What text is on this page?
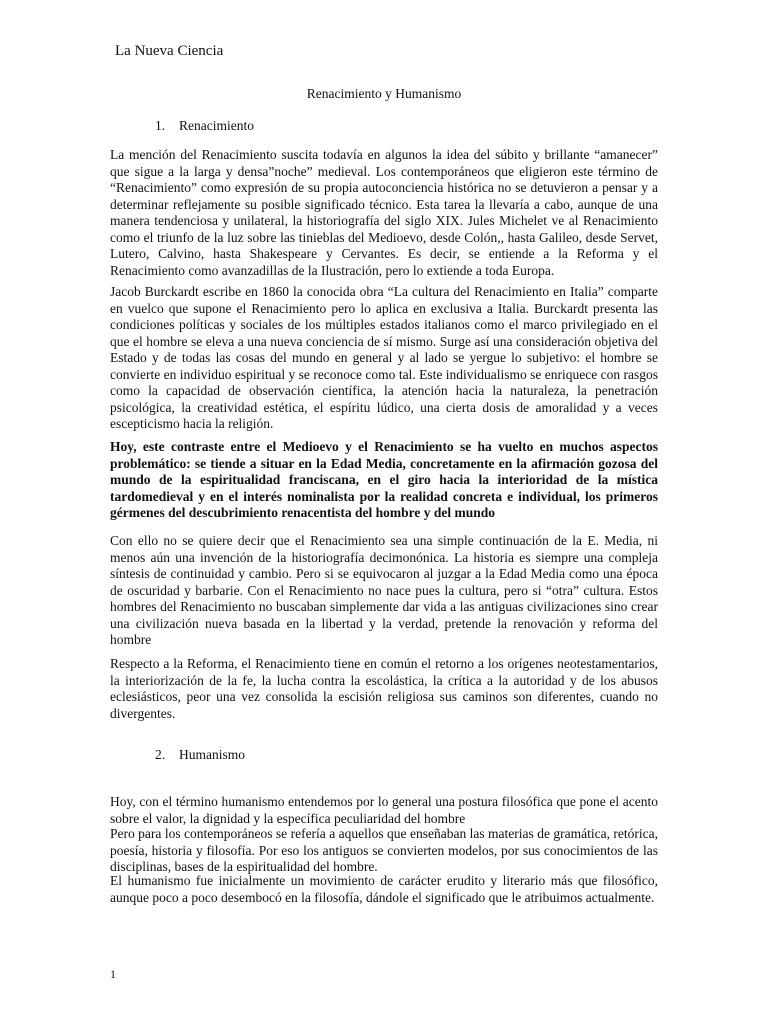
La Nueva Ciencia
Renacimiento y Humanismo
1. Renacimiento

La mención del Renacimiento suscita todavía en algunos la idea del súbito y brillante “amanecer” que sigue a la larga y densa”noche” medieval. Los contemporáneos que eligieron este término de “Renacimiento” como expresión de su propia autoconciencia histórica no se detuvieron a pensar y a determinar reflejamente su posible significado técnico. Esta tarea la llevaría a cabo, aunque de una manera tendenciosa y unilateral, la historiografía del siglo XIX. Jules Michelet ve al Renacimiento como el triunfo de la luz sobre las tinieblas del Medioevo, desde Colón,, hasta Galileo, desde Servet, Lutero, Calvino, hasta Shakespeare y Cervantes. Es decir, se entiende a la Reforma y el Renacimiento como avanzadillas de la Ilustración, pero lo extiende a toda Europa.

Jacob Burckardt escribe en 1860 la conocida obra “La cultura del Renacimiento en Italia” comparte en vuelco que supone el Renacimiento pero lo aplica en exclusiva a Italia. Burckardt presenta las condiciones políticas y sociales de los múltiples estados italianos como el marco privilegiado en el que el hombre se eleva a una nueva conciencia de sí mismo. Surge así una consideración objetiva del Estado y de todas las cosas del mundo en general y al lado se yergue lo subjetivo: el hombre se convierte en individuo espiritual y se reconoce como tal. Este individualismo se enriquece con rasgos como la capacidad de observación científica, la atención hacia la naturaleza, la penetración psicológica, la creatividad estética, el espíritu lúdico, una cierta dosis de amoralidad y a veces escepticismo hacia la religión.

Hoy, este contraste entre el Medioevo y el Renacimiento se ha vuelto en muchos aspectos problemático: se tiende a situar en la Edad Media, concretamente en la afirmación gozosa del mundo de la espiritualidad franciscana, en el giro hacia la interioridad de la mística tardomedieval y en el interés nominalista por la realidad concreta e individual, los primeros gérmenes del descubrimiento renacentista del hombre y del mundo

Con ello no se quiere decir que el Renacimiento sea una simple continuación de la E. Media, ni menos aún una invención de la historiografía decimonónica. La historia es siempre una compleja síntesis de continuidad y cambio. Pero si se equivocaron al juzgar a la Edad Media como una época de oscuridad y barbarie. Con el Renacimiento no nace pues la cultura, pero si “otra” cultura. Estos hombres del Renacimiento no buscaban simplemente dar vida a las antiguas civilizaciones sino crear una civilización nueva basada en la libertad y la verdad, pretende la renovación y reforma del hombre

Respecto a la Reforma, el Renacimiento tiene en común el retorno a los orígenes neotestamentarios, la interiorización de la fe, la lucha contra la escolástica, la crítica a la autoridad y de los abusos eclesiásticos, peor una vez consolida la escisión religiosa sus caminos son diferentes, cuando no divergentes.

2. Humanismo

Hoy, con el término humanismo entendemos por lo general una postura filosófica que pone el acento sobre el valor, la dignidad y la específica peculiaridad del hombre

Pero para los contemporáneos se refería a aquellos que enseñaban las materias de gramática, retórica, poesía, historia y filosofía. Por eso los antiguos se convierten modelos, por sus conocimientos de las disciplinas, bases de la espiritualidad del hombre.

El humanismo fue inicialmente un movimiento de carácter erudito y literario más que filosófico, aunque poco a poco desembocó en la filosofía, dándole el significado que le atribuimos actualmente.

1
